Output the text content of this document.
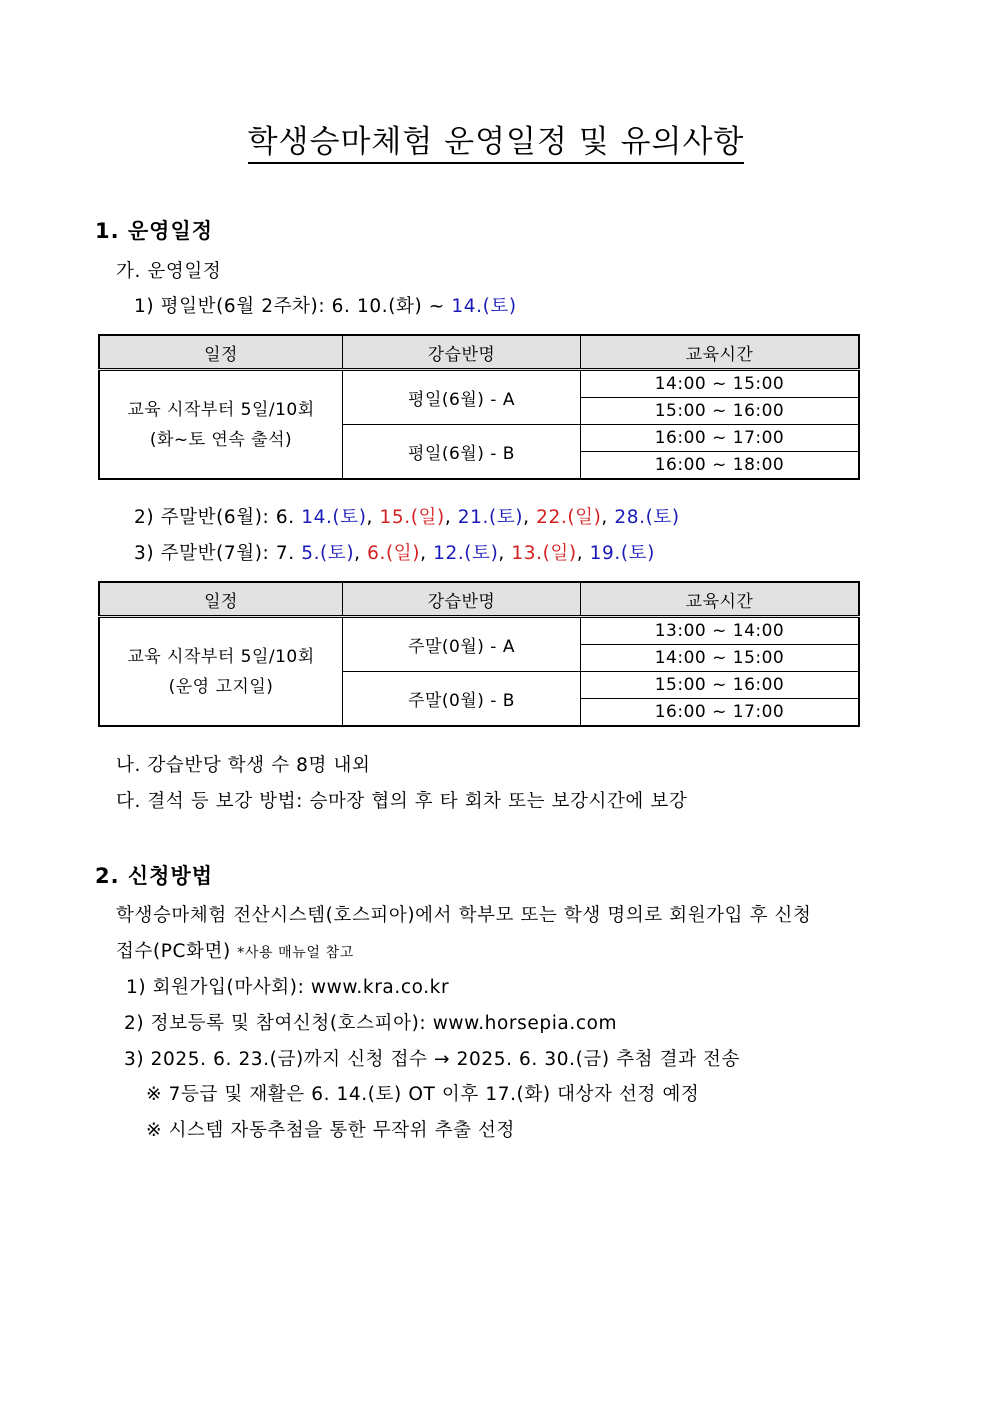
학생승마체험 운영일정 및 유의사항
1. 운영일정
가. 운영일정
1) 평일반(6월 2주차): 6. 10.(화) ~ 14.(토)
일정	강습반명	교육시간

교육 시작부터 5일/10회
(화~토 연속 출석)	평일(6월) - A	14:00 ~ 15:00
		15:00 ~ 16:00
	평일(6월) - B	16:00 ~ 17:00
		16:00 ~ 18:00
2) 주말반(6월): 6. 14.(토), 15.(일), 21.(토), 22.(일), 28.(토)
3) 주말반(7월): 7. 5.(토), 6.(일), 12.(토), 13.(일), 19.(토)
일정	강습반명	교육시간

교육 시작부터 5일/10회
(운영 고지일)	주말(0월) - A	13:00 ~ 14:00
		14:00 ~ 15:00
	주말(0월) - B	15:00 ~ 16:00
		16:00 ~ 17:00
나. 강습반당 학생 수 8명 내외
다. 결석 등 보강 방법: 승마장 협의 후 타 회차 또는 보강시간에 보강
2. 신청방법
학생승마체험 전산시스템(호스피아)에서 학부모 또는 학생 명의로 회원가입 후 신청
접수(PC화면) *사용 매뉴얼 참고
1) 회원가입(마사회): www.kra.co.kr
2) 정보등록 및 참여신청(호스피아): www.horsepia.com
3) 2025. 6. 23.(금)까지 신청 접수 → 2025. 6. 30.(금) 추첨 결과 전송
※ 7등급 및 재활은 6. 14.(토) OT 이후 17.(화) 대상자 선정 예정
※ 시스템 자동추첨을 통한 무작위 추출 선정
